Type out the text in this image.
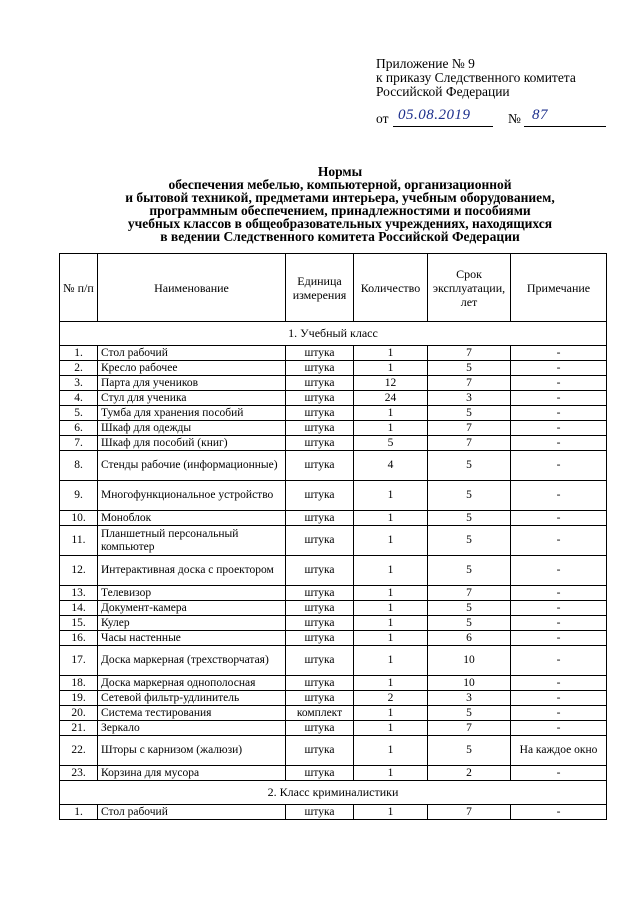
Приложение № 9
к приказу Следственного комитета
Российской Федерации
от 05.08.2019	№ 87
Нормы
обеспечения мебелью, компьютерной, организационной
и бытовой техникой, предметами интерьера, учебным оборудованием,
программным обеспечением, принадлежностями и пособиями
учебных классов в общеобразовательных учреждениях, находящихся
в ведении Следственного комитета Российской Федерации
№ п/п	Наименование	Единица измерения	Количество	Срок эксплуатации, лет	Примечание
1. Учебный класс					
1.	Стол рабочий	штука	1	7	-
2.	Кресло рабочее	штука	1	5	-
3.	Парта для учеников	штука	12	7	-
4.	Стул для ученика	штука	24	3	-
5.	Тумба для хранения пособий	штука	1	5	-
6.	Шкаф для одежды	штука	1	7	-
7.	Шкаф для пособий (книг)	штука	5	7	-
8.	Стенды рабочие (информационные)	штука	4	5	-
9.	Многофункциональное устройство	штука	1	5	-
10.	Моноблок	штука	1	5	-
11.	Планшетный персональный компьютер	штука	1	5	-
12.	Интерактивная доска с проектором	штука	1	5	-
13.	Телевизор	штука	1	7	-
14.	Документ-камера	штука	1	5	-
15.	Кулер	штука	1	5	-
16.	Часы настенные	штука	1	6	-
17.	Доска маркерная (трехстворчатая)	штука	1	10	-
18.	Доска маркерная однополосная	штука	1	10	-
19.	Сетевой фильтр-удлинитель	штука	2	3	-
20.	Система тестирования	комплект	1	5	-
21.	Зеркало	штука	1	7	-
22.	Шторы с карнизом (жалюзи)	штука	1	5	На каждое окно
23.	Корзина для мусора	штука	1	2	-
2. Класс криминалистики					
1.	Стол рабочий	штука	1	7	-
